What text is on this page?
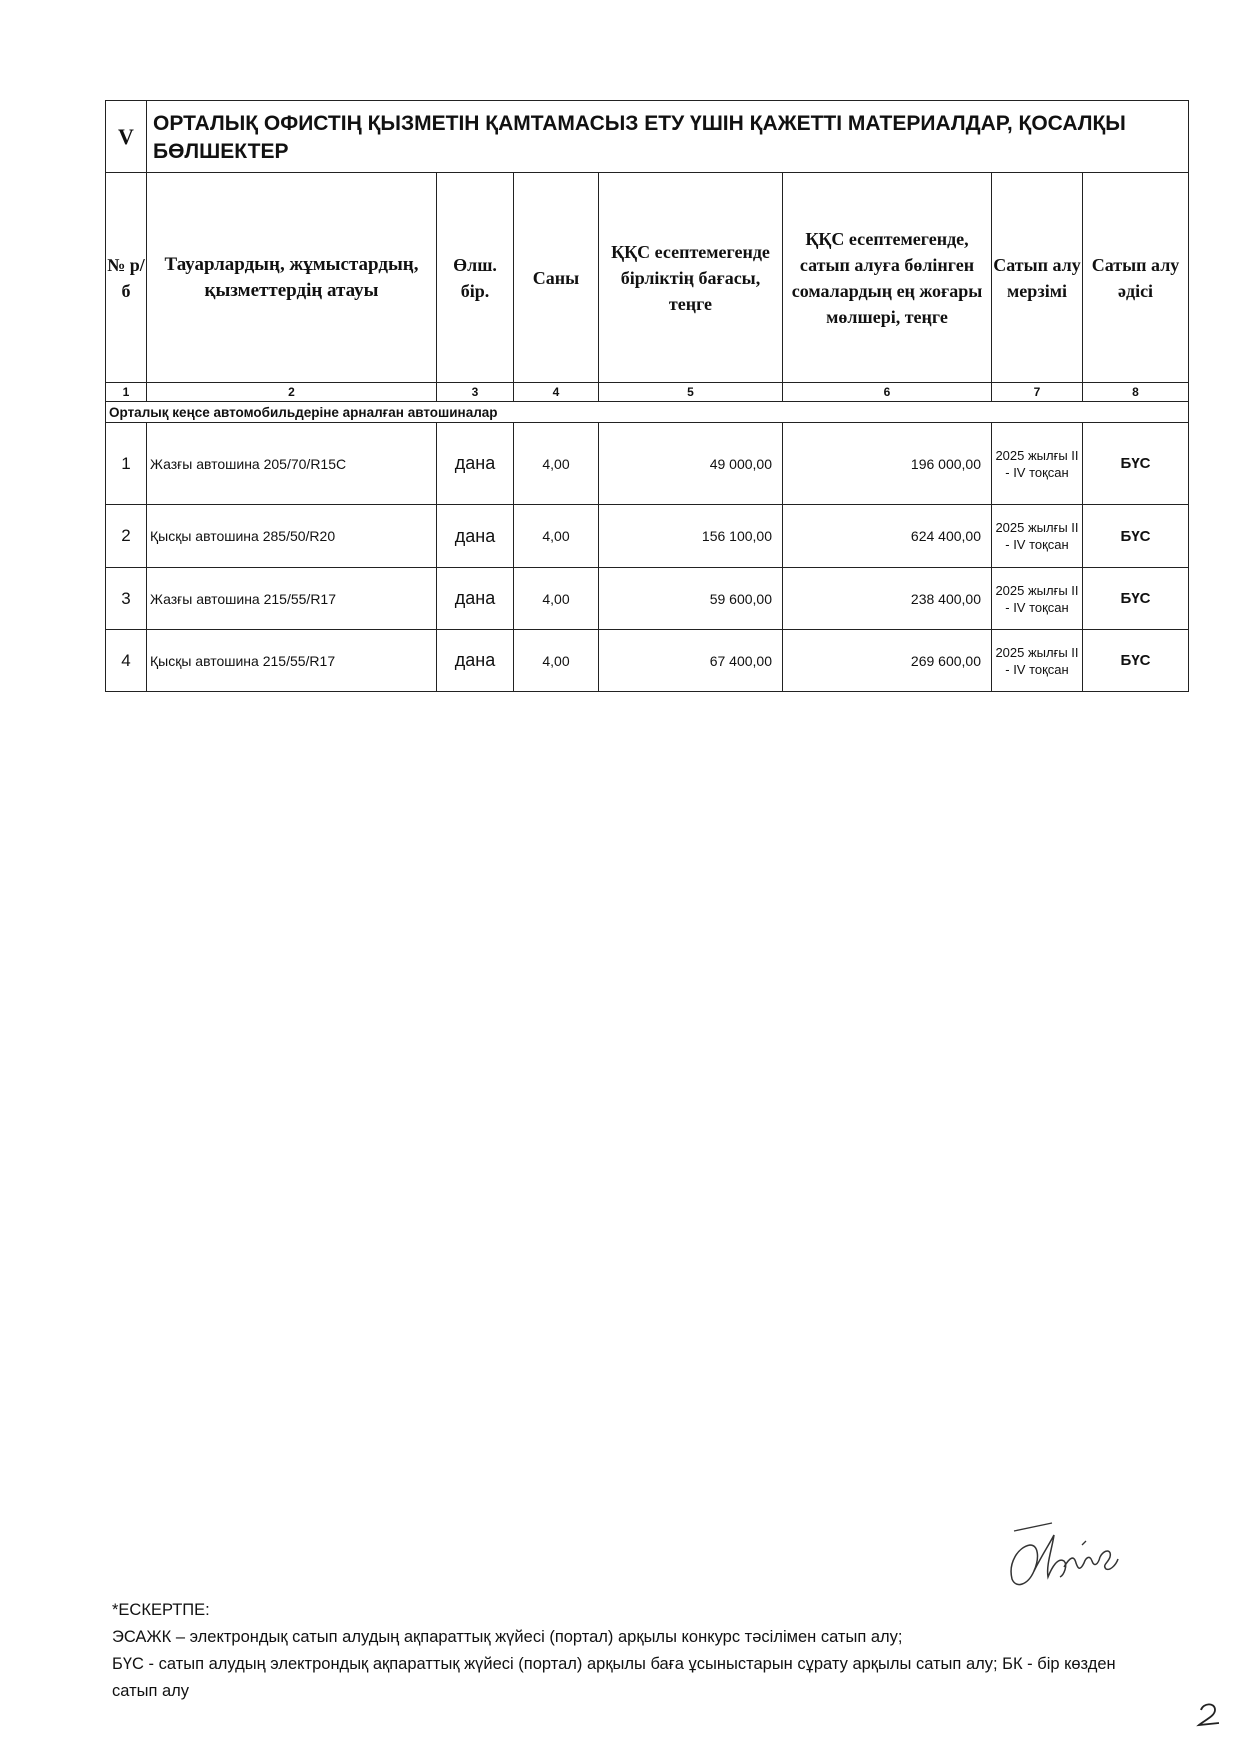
V	ОРТАЛЫҚ ОФИСТІҢ ҚЫЗМЕТІН ҚАМТАМАСЫЗ ЕТУ ҮШІН ҚАЖЕТТІ МАТЕРИАЛДАР, ҚОСАЛҚЫ БӨЛШЕКТЕР						
№ р/б	Тауарлардың, жұмыстардың, қызметтердің атауы	Өлш. бір.	Саны	ҚҚС есептемегенде бірліктің бағасы, теңге	ҚҚС есептемегенде, сатып алуға бөлінген сомалардың ең жоғары мөлшері, теңге	Сатып алу мерзімі	Сатып алу әдісі
1	2	3	4	5	6	7	8
Орталық кеңсе автомобильдеріне арналған автошиналар							
1	Жазғы автошина 205/70/R15C	дана	4,00	49 000,00	196 000,00	2025 жылғы II - IV тоқсан	БҮС
2	Қысқы автошина 285/50/R20	дана	4,00	156 100,00	624 400,00	2025 жылғы II - IV тоқсан	БҮС
3	Жазғы автошина 215/55/R17	дана	4,00	59 600,00	238 400,00	2025 жылғы II - IV тоқсан	БҮС
4	Қысқы автошина 215/55/R17	дана	4,00	67 400,00	269 600,00	2025 жылғы II - IV тоқсан	БҮС
*ЕСКЕРТПЕ:
ЭСАЖК – электрондық сатып алудың ақпараттық жүйесі (портал) арқылы конкурс тәсілімен сатып алу;
БҮС - сатып алудың электрондық ақпараттық жүйесі (портал) арқылы баға ұсыныстарын сұрату арқылы сатып алу; БК - бір көзден сатып алу
